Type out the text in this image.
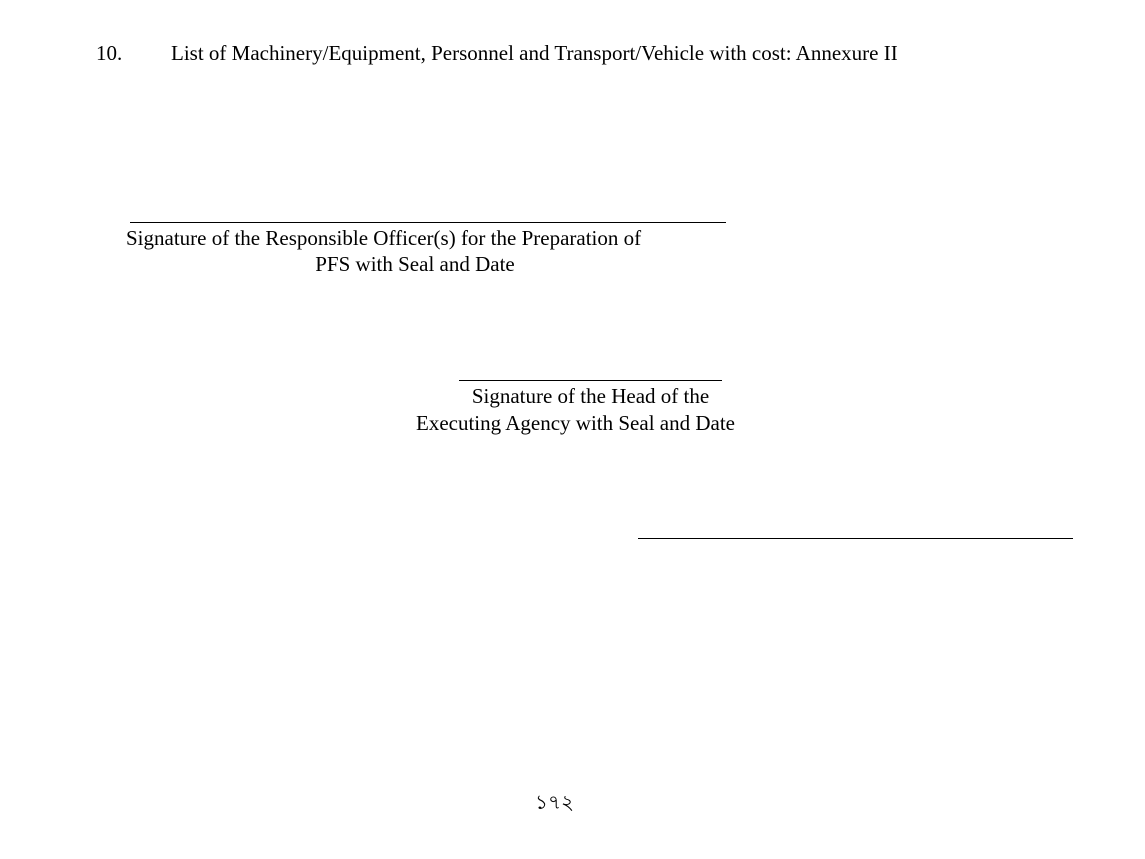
10. List of Machinery/Equipment, Personnel and Transport/Vehicle with cost: Annexure II
Signature of the Responsible Officer(s) for the Preparation of
PFS with Seal and Date
Signature of the Head of the
Executing Agency with Seal and Date
১৭২
